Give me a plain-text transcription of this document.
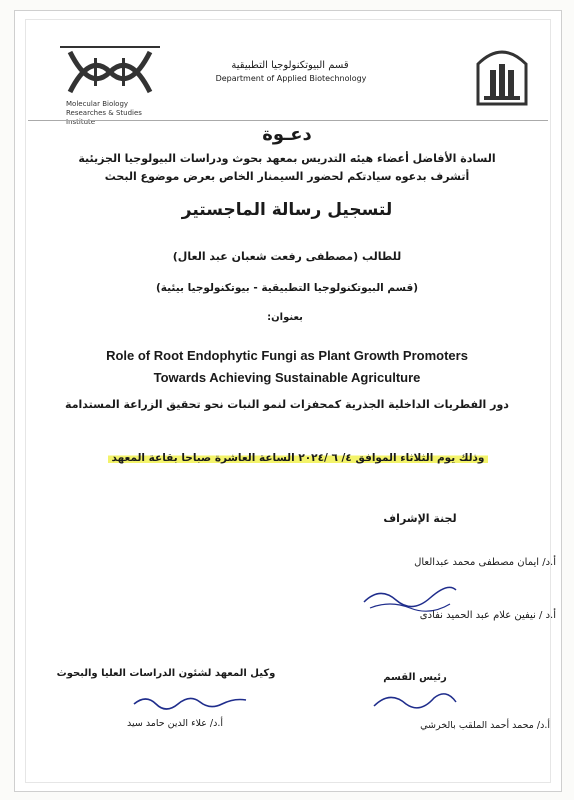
Molecular Biology Researches & Studies Institute
قسم البيوتكنولوجيا التطبيقية
Department of Applied Biotechnology
دعـوة
السادة الأفاضل أعضاء هيئه التدريس بمعهد بحوث ودراسات البيولوجيا الجزيئية
أتشرف بدعوه سيادتكم لحضور السيمنار الخاص بعرض موضوع البحث
لتسجيل رسالة الماجستير
للطالب (مصطفى رفعت شعبان عبد العال)
(قسم البيوتكنولوجيا التطبيقية - بيوتكنولوجيا بيئية)
بعنوان:
Role of Root Endophytic Fungi as Plant Growth Promoters
Towards Achieving Sustainable Agriculture
دور الفطريات الداخلية الجذرية كمحفزات لنمو النبات نحو تحقيق الزراعة المستدامة
وذلك يوم الثلاثاء الموافق ٤/ ٦ /٢٠٢٤ الساعة العاشرة صباحا بقاعة المعهد
لجنة الإشراف
أ.د/ ايمان مصطفى محمد عبدالعال
أ.د / نيفين علام عبد الحميد نفادى
رئيس القسم
أ.د/ محمد أحمد الملقب بالخرشي
وكيل المعهد لشئون الدراسات العليا والبحوث
أ.د/ علاء الدين حامد سيد
